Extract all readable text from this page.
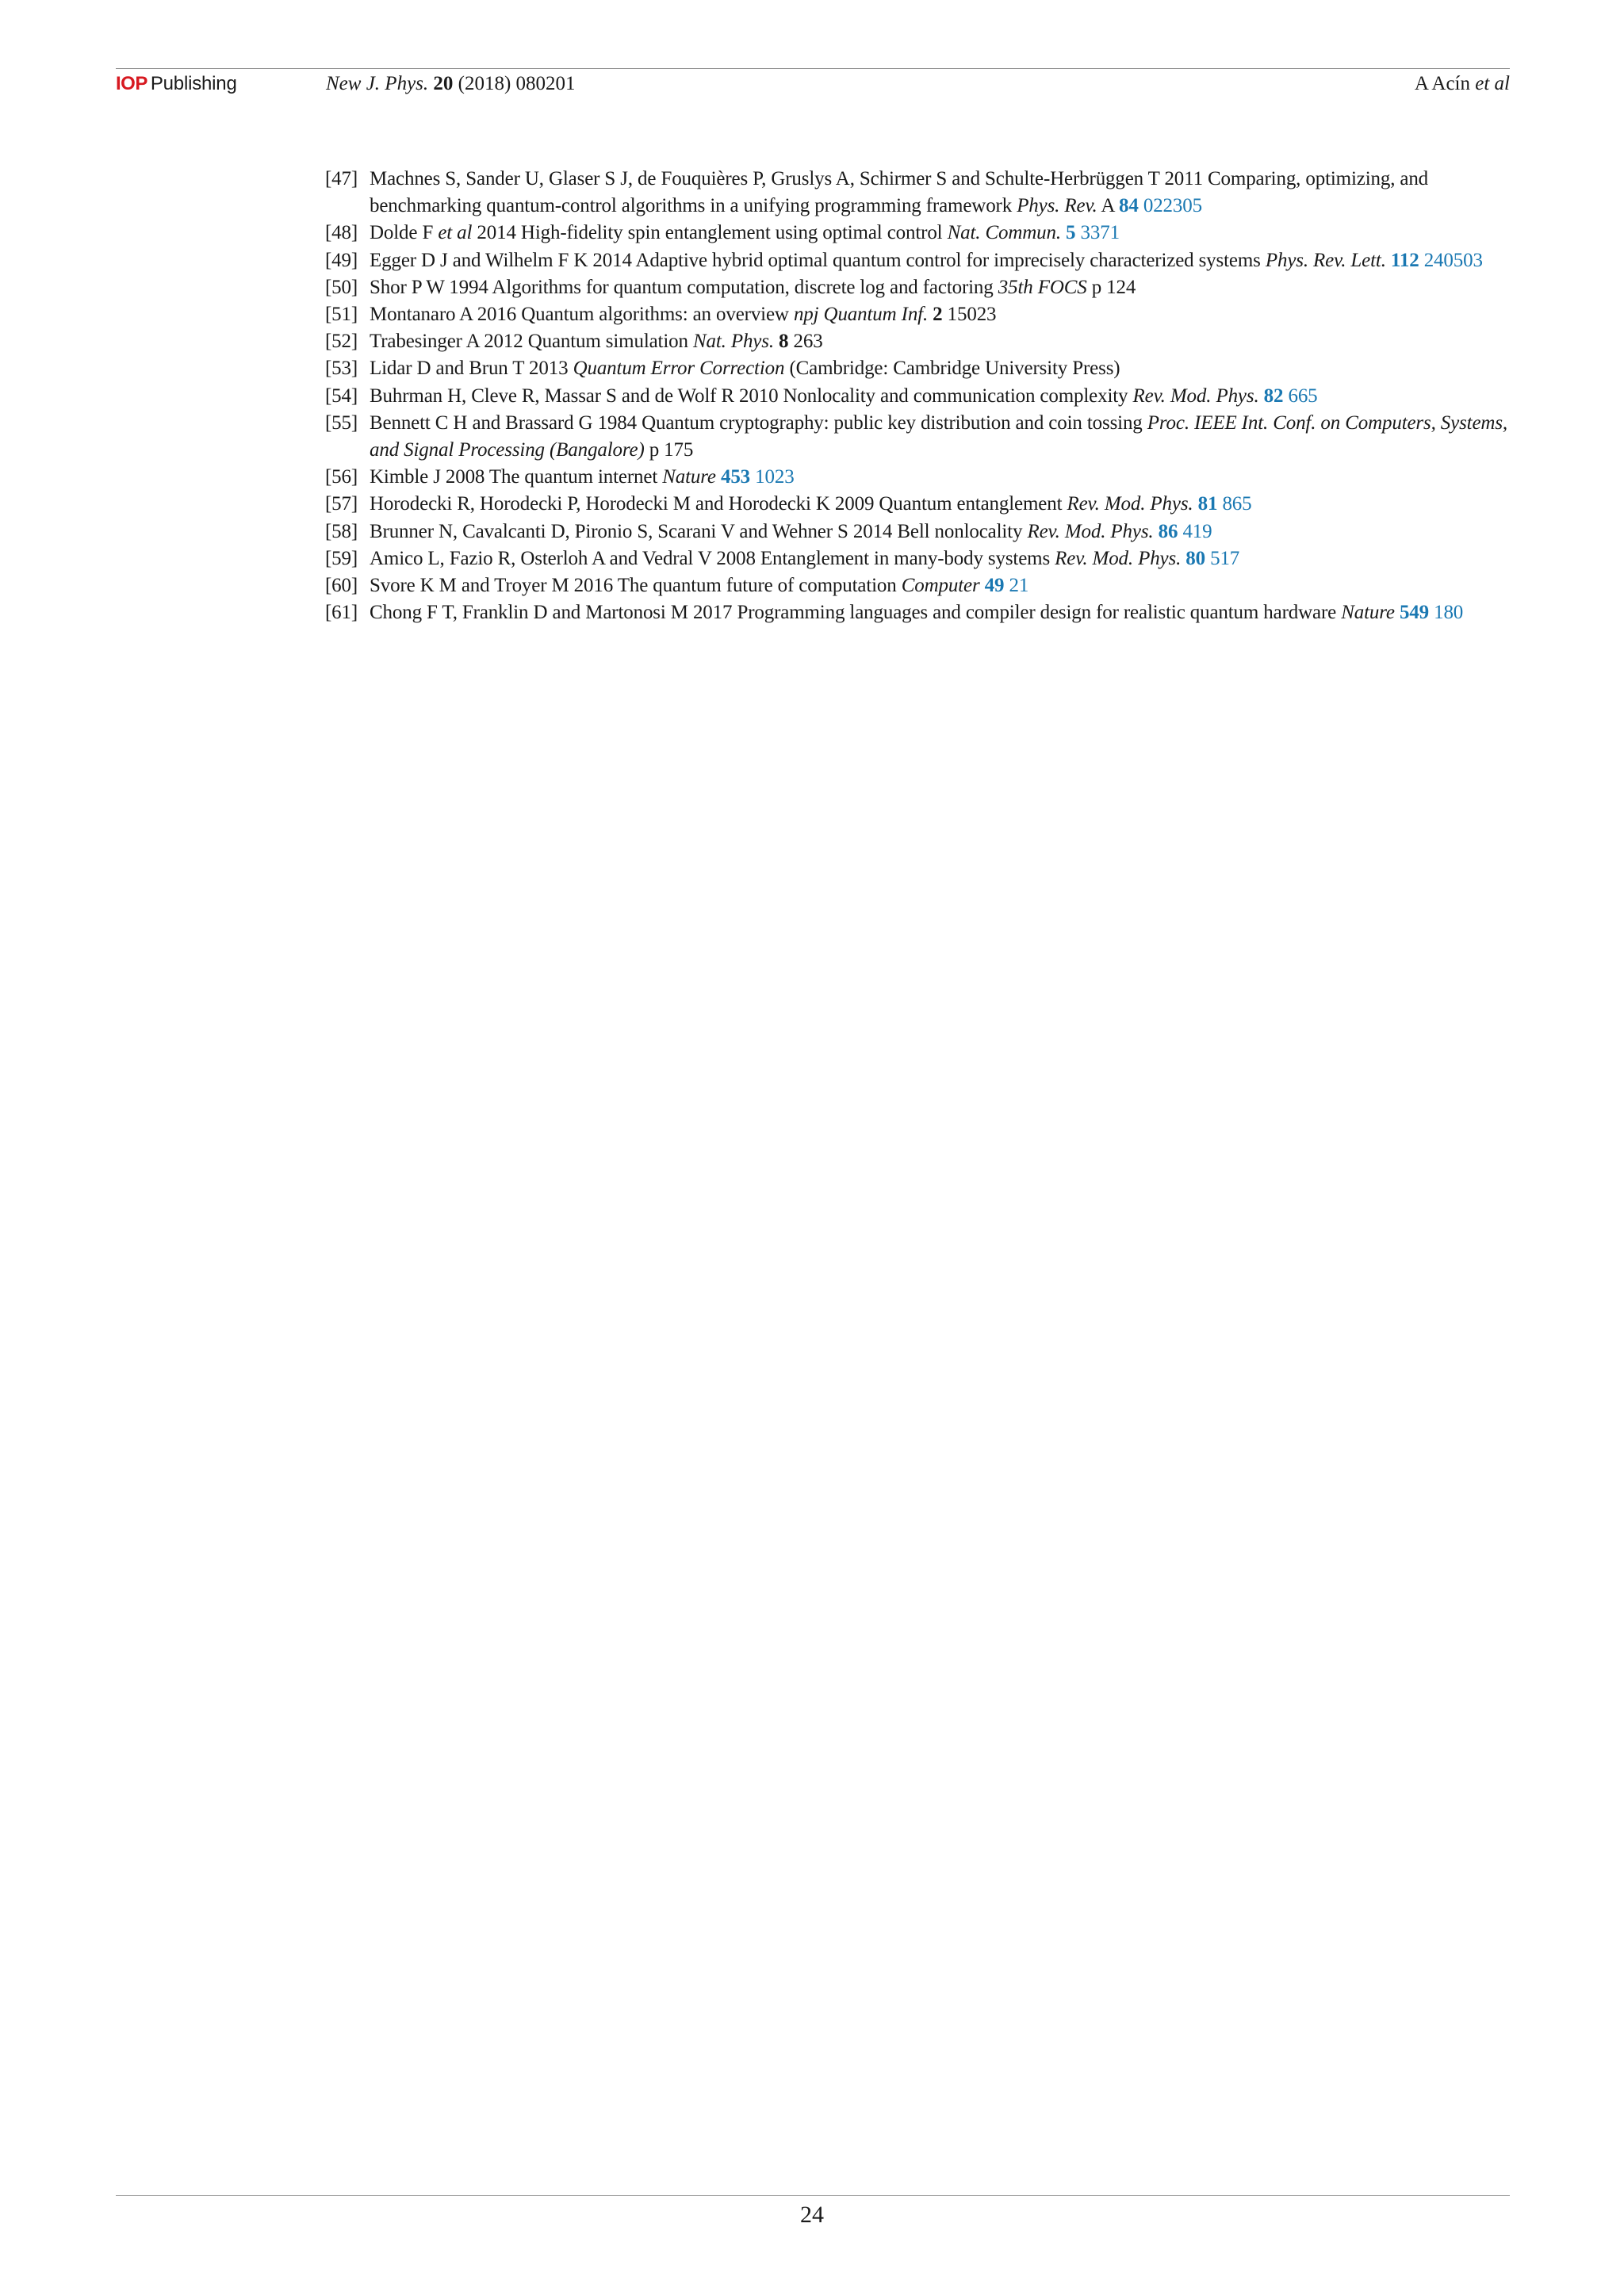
IOP Publishing	New J. Phys. 20 (2018) 080201	A Acín et al
[47] Machnes S, Sander U, Glaser S J, de Fouquières P, Gruslys A, Schirmer S and Schulte-Herbrüggen T 2011 Comparing, optimizing, and benchmarking quantum-control algorithms in a unifying programming framework Phys. Rev. A 84 022305
[48] Dolde F et al 2014 High-fidelity spin entanglement using optimal control Nat. Commun. 5 3371
[49] Egger D J and Wilhelm F K 2014 Adaptive hybrid optimal quantum control for imprecisely characterized systems Phys. Rev. Lett. 112 240503
[50] Shor P W 1994 Algorithms for quantum computation, discrete log and factoring 35th FOCS p 124
[51] Montanaro A 2016 Quantum algorithms: an overview npj Quantum Inf. 2 15023
[52] Trabesinger A 2012 Quantum simulation Nat. Phys. 8 263
[53] Lidar D and Brun T 2013 Quantum Error Correction (Cambridge: Cambridge University Press)
[54] Buhrman H, Cleve R, Massar S and de Wolf R 2010 Nonlocality and communication complexity Rev. Mod. Phys. 82 665
[55] Bennett C H and Brassard G 1984 Quantum cryptography: public key distribution and coin tossing Proc. IEEE Int. Conf. on Computers, Systems, and Signal Processing (Bangalore) p 175
[56] Kimble J 2008 The quantum internet Nature 453 1023
[57] Horodecki R, Horodecki P, Horodecki M and Horodecki K 2009 Quantum entanglement Rev. Mod. Phys. 81 865
[58] Brunner N, Cavalcanti D, Pironio S, Scarani V and Wehner S 2014 Bell nonlocality Rev. Mod. Phys. 86 419
[59] Amico L, Fazio R, Osterloh A and Vedral V 2008 Entanglement in many-body systems Rev. Mod. Phys. 80 517
[60] Svore K M and Troyer M 2016 The quantum future of computation Computer 49 21
[61] Chong F T, Franklin D and Martonosi M 2017 Programming languages and compiler design for realistic quantum hardware Nature 549 180
24
